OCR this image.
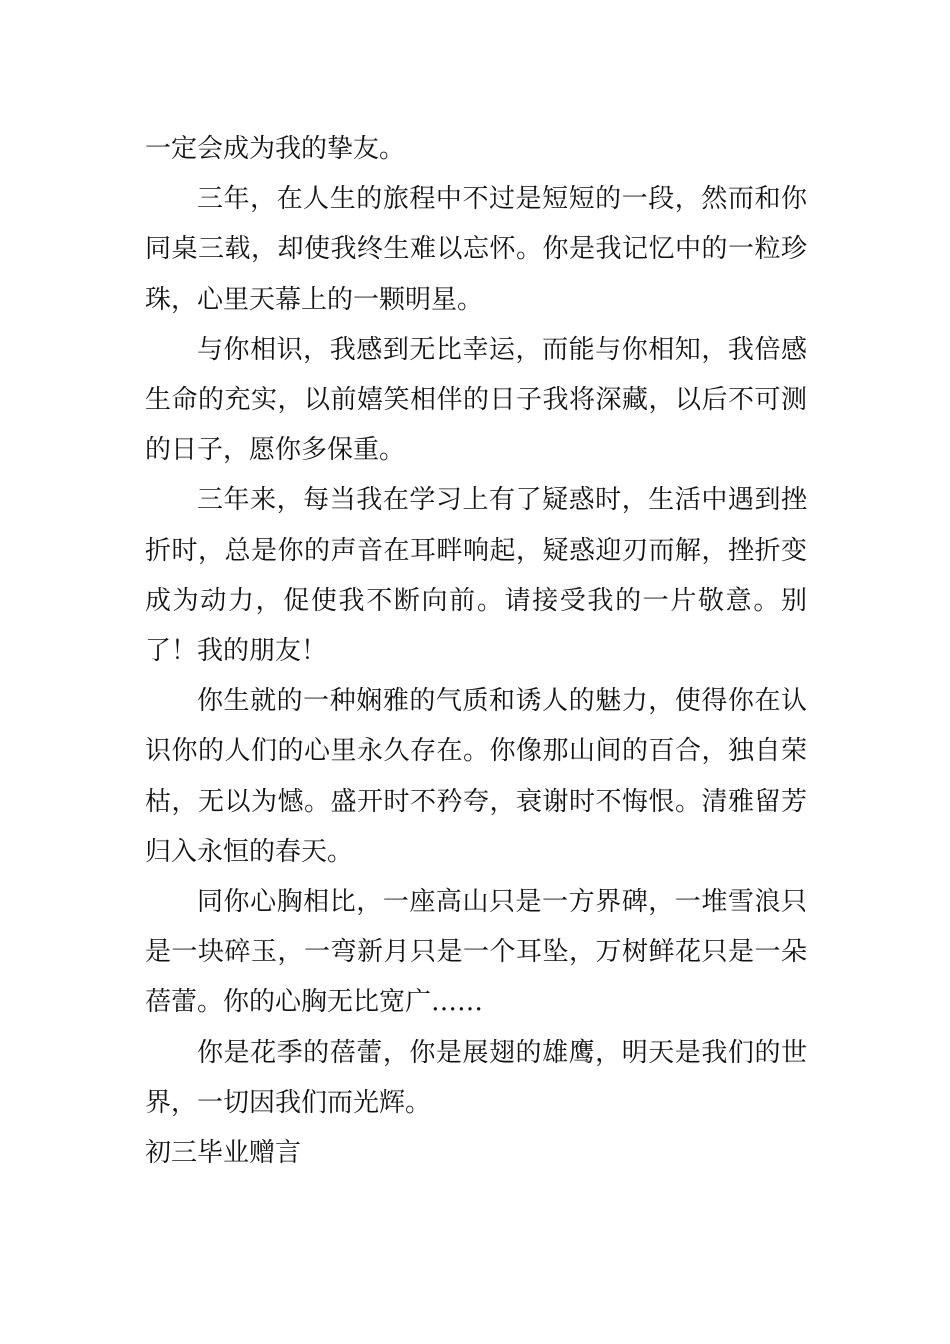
一定会成为我的挚友。

三年，在人生的旅程中不过是短短的一段，然而和你同桌三载，却使我终生难以忘怀。你是我记忆中的一粒珍珠，心里天幕上的一颗明星。

与你相识，我感到无比幸运，而能与你相知，我倍感生命的充实，以前嬉笑相伴的日子我将深藏，以后不可测的日子，愿你多保重。

三年来，每当我在学习上有了疑惑时，生活中遇到挫折时，总是你的声音在耳畔响起，疑惑迎刃而解，挫折变成为动力，促使我不断向前。请接受我的一片敬意。别了！我的朋友！

你生就的一种娴雅的气质和诱人的魅力，使得你在认识你的人们的心里永久存在。你像那山间的百合，独自荣枯，无以为憾。盛开时不矜夸，衰谢时不悔恨。清雅留芳归入永恒的春天。

同你心胸相比，一座高山只是一方界碑，一堆雪浪只是一块碎玉，一弯新月只是一个耳坠，万树鲜花只是一朵蓓蕾。你的心胸无比宽广……

你是花季的蓓蕾，你是展翅的雄鹰，明天是我们的世界，一切因我们而光辉。

初三毕业赠言
